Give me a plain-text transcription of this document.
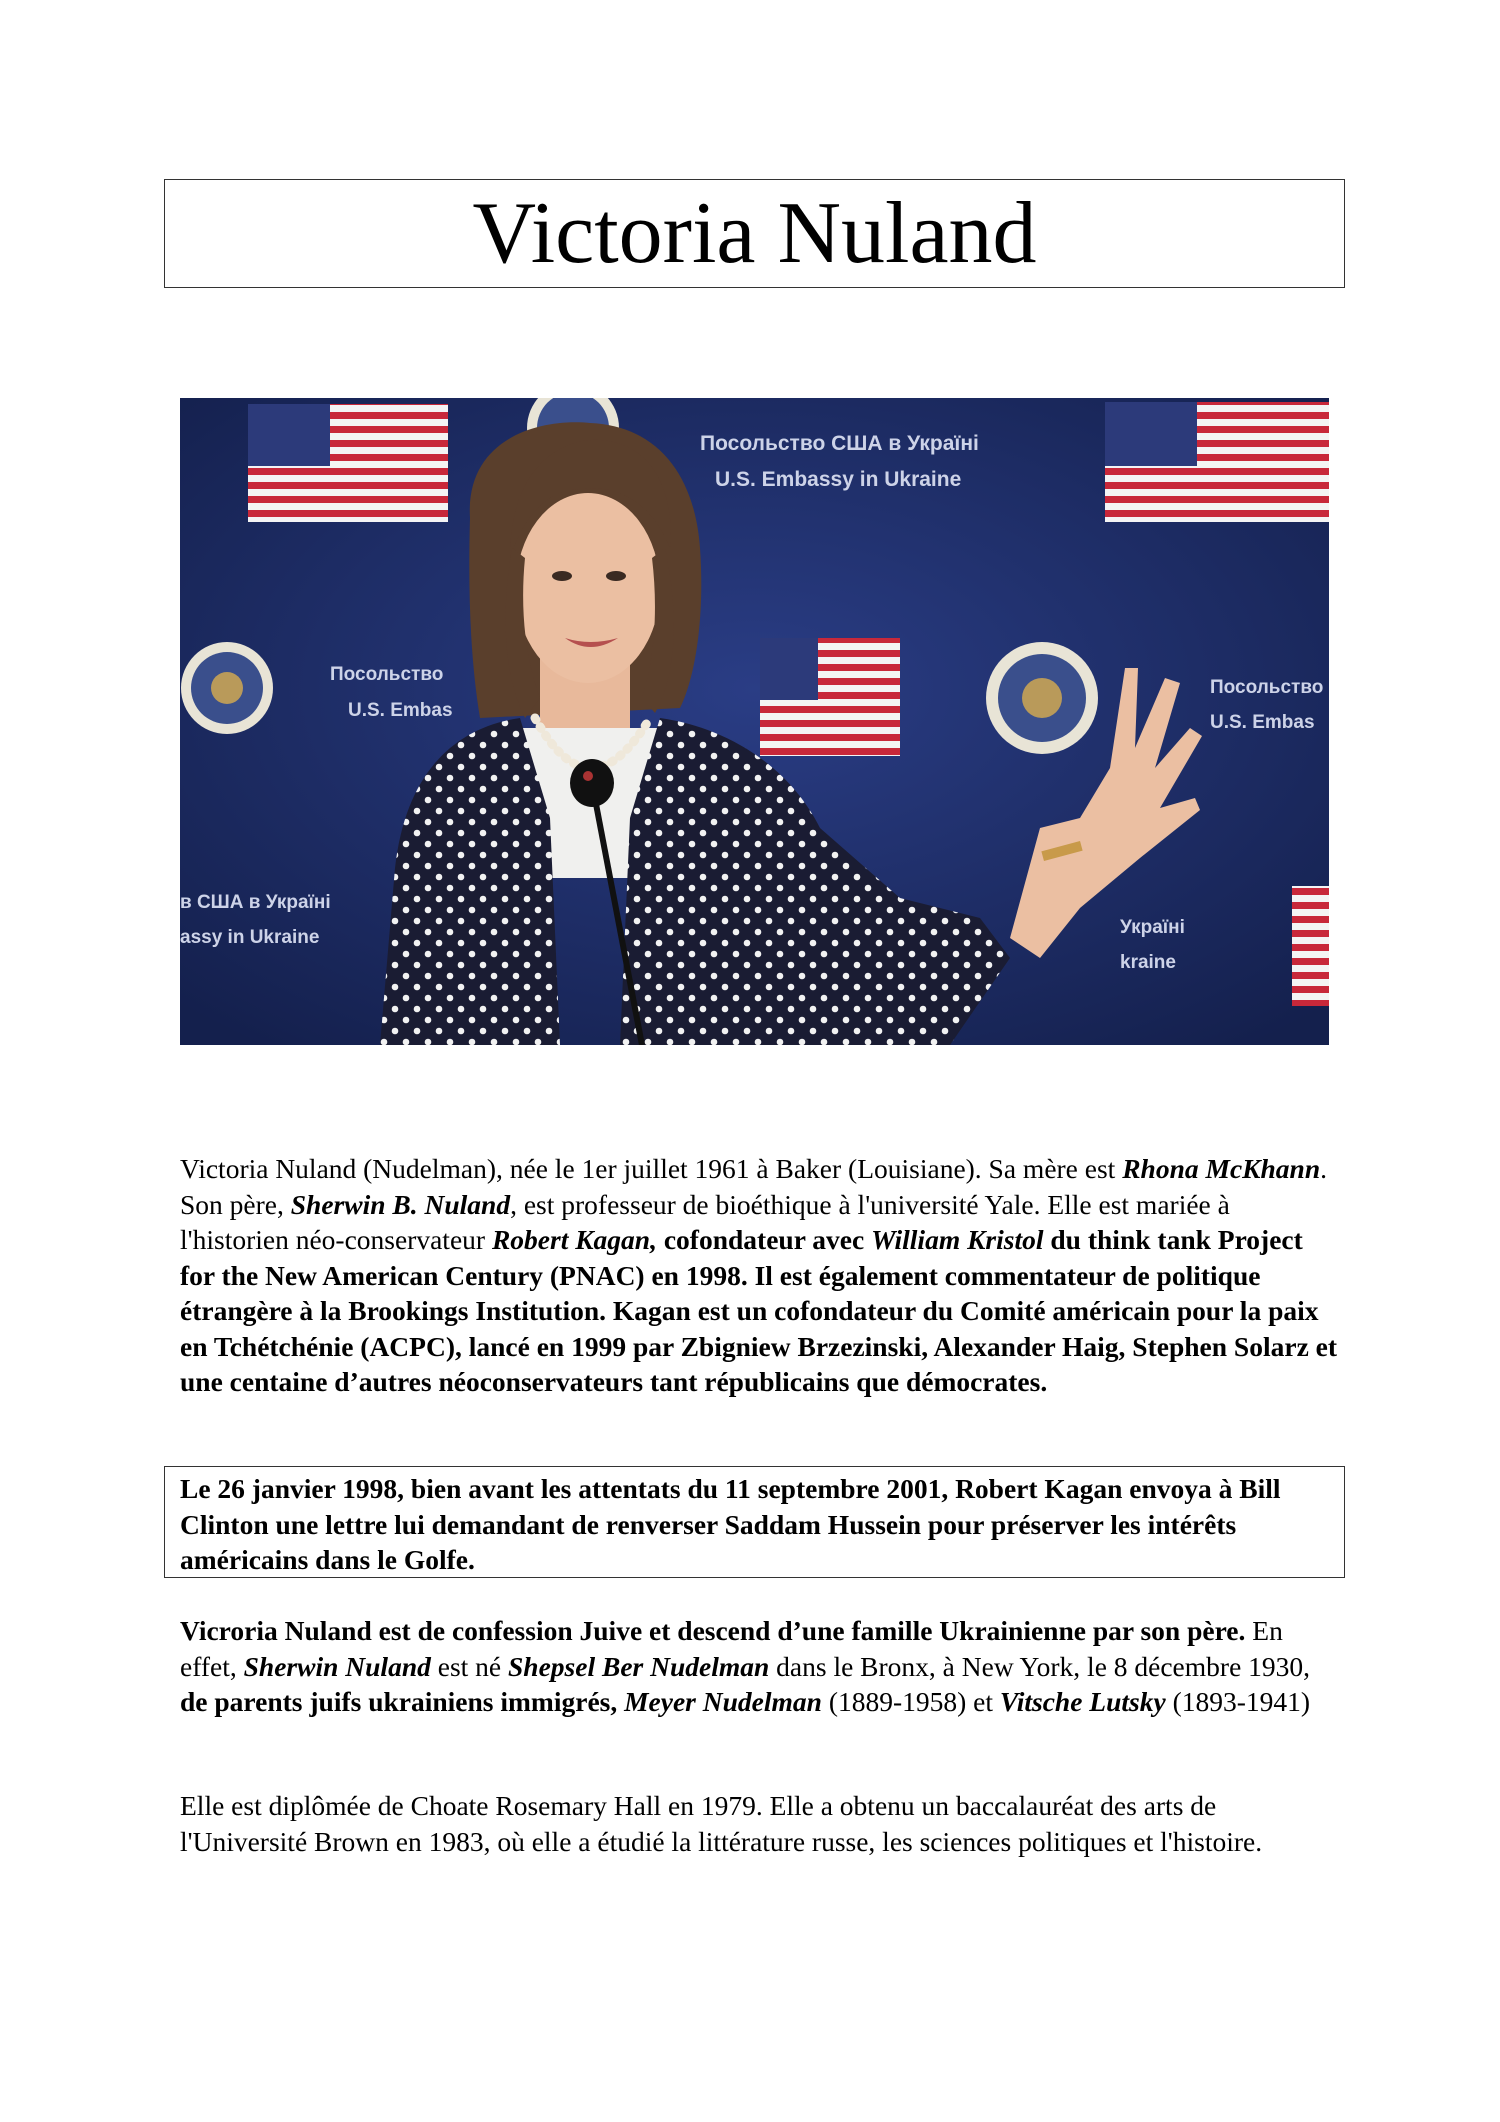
Victoria Nuland
Посольство США в Україні
U.S. Embassy in Ukraine
Посольство
U.S. Embas
Посольство
U.S. Embas
в США в Україні
assy in Ukraine	Україні
kraine
Victoria Nuland (Nudelman), née le 1er juillet 1961 à Baker (Louisiane). Sa mère est Rhona McKhann. Son père, Sherwin B. Nuland, est professeur de bioéthique à l'université Yale. Elle est mariée à l'historien néo-conservateur Robert Kagan, cofondateur avec William Kristol du think tank Project for the New American Century (PNAC) en 1998. Il est également commentateur de politique étrangère à la Brookings Institution. Kagan est un cofondateur du Comité américain pour la paix en Tchétchénie (ACPC), lancé en 1999 par Zbigniew Brzezinski, Alexander Haig, Stephen Solarz et une centaine d’autres néoconservateurs tant républicains que démocrates.
Le 26 janvier 1998, bien avant les attentats du 11 septembre 2001, Robert Kagan envoya à Bill Clinton une lettre lui demandant de renverser Saddam Hussein pour préserver les intérêts américains dans le Golfe.
Vicroria Nuland est de confession Juive et descend d’une famille Ukrainienne par son père. En effet, Sherwin Nuland est né Shepsel Ber Nudelman dans le Bronx, à New York, le 8 décembre 1930, de parents juifs ukrainiens immigrés, Meyer Nudelman (1889-1958) et Vitsche Lutsky (1893-1941)
Elle est diplômée de Choate Rosemary Hall en 1979. Elle a obtenu un baccalauréat des arts de l'Université Brown en 1983, où elle a étudié la littérature russe, les sciences politiques et l'histoire.
